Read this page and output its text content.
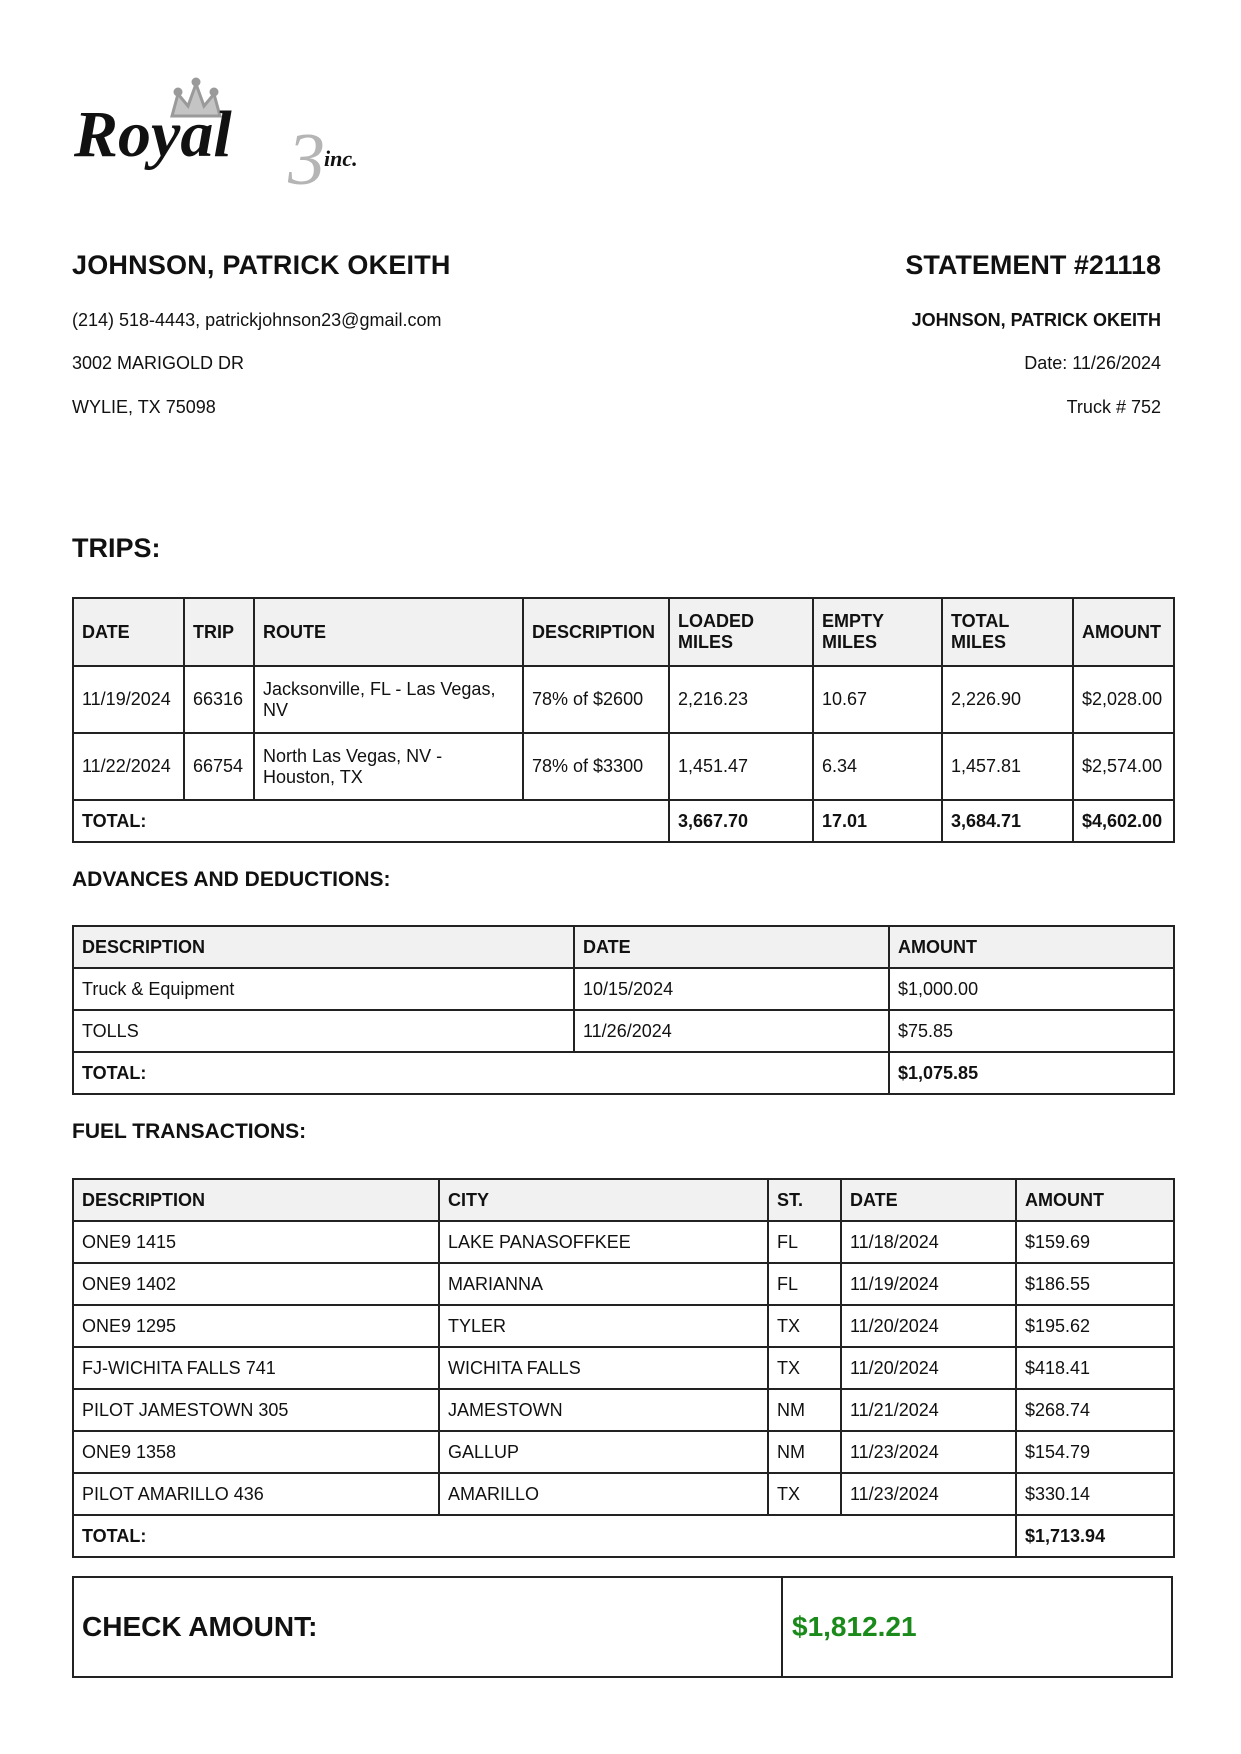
3
Royal	inc.
JOHNSON, PATRICK OKEITH
(214) 518-4443, patrickjohnson23@gmail.com
3002 MARIGOLD DR
WYLIE, TX 75098
STATEMENT #21118
JOHNSON, PATRICK OKEITH
Date: 11/26/2024
Truck # 752
TRIPS:
DATE	TRIP	ROUTE	DESCRIPTION	LOADED MILES	EMPTY MILES	TOTAL MILES	AMOUNT
11/19/2024	66316	Jacksonville, FL - Las Vegas, NV	78% of $2600	2,216.23	10.67	2,226.90	$2,028.00
11/22/2024	66754	North Las Vegas, NV - Houston, TX	78% of $3300	1,451.47	6.34	1,457.81	$2,574.00
TOTAL:				3,667.70	17.01	3,684.71	$4,602.00
ADVANCES AND DEDUCTIONS:
DESCRIPTION	DATE	AMOUNT
Truck & Equipment	10/15/2024	$1,000.00
TOLLS	11/26/2024	$75.85
TOTAL:		$1,075.85
FUEL TRANSACTIONS:
DESCRIPTION	CITY	ST.	DATE	AMOUNT
ONE9 1415	LAKE PANASOFFKEE	FL	11/18/2024	$159.69
ONE9 1402	MARIANNA	FL	11/19/2024	$186.55
ONE9 1295	TYLER	TX	11/20/2024	$195.62
FJ-WICHITA FALLS 741	WICHITA FALLS	TX	11/20/2024	$418.41
PILOT JAMESTOWN 305	JAMESTOWN	NM	11/21/2024	$268.74
ONE9 1358	GALLUP	NM	11/23/2024	$154.79
PILOT AMARILLO 436	AMARILLO	TX	11/23/2024	$330.14
TOTAL:				$1,713.94
CHECK AMOUNT:	$1,812.21
